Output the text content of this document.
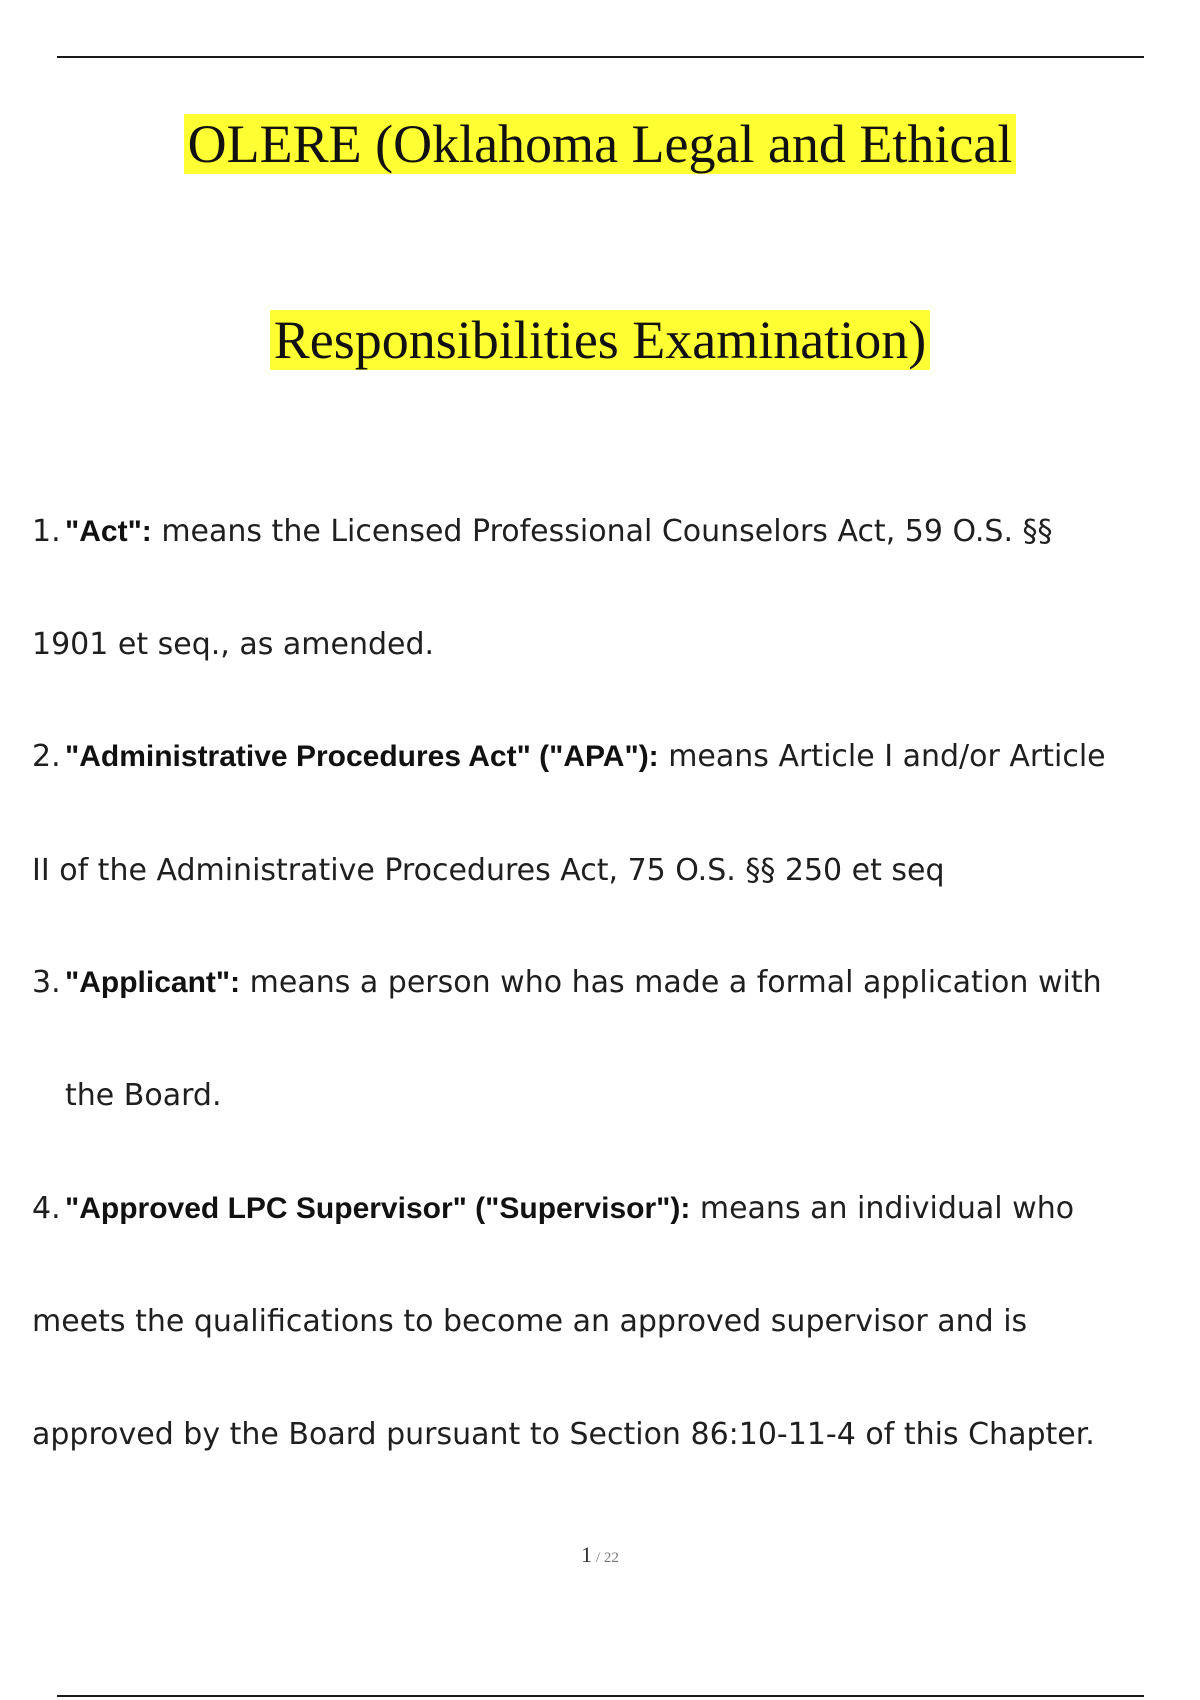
OLERE (Oklahoma Legal and Ethical
Responsibilities Examination)
1. "Act": means the Licensed Professional Counselors Act, 59 O.S. §§
1901 et seq., as amended.
2. "Administrative Procedures Act" ("APA"): means Article I and/or Article
II of the Administrative Procedures Act, 75 O.S. §§ 250 et seq
3. "Applicant": means a person who has made a formal application with
the Board.
4. "Approved LPC Supervisor" ("Supervisor"): means an individual who
meets the qualifications to become an approved supervisor and is
approved by the Board pursuant to Section 86:10-11-4 of this Chapter.
1 / 22
